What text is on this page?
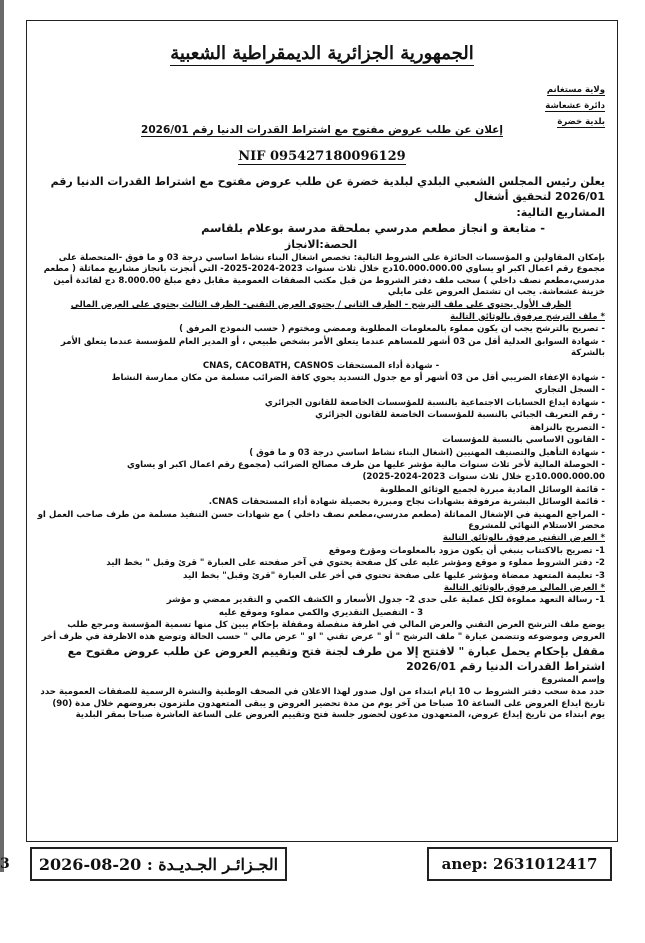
3
الجمهورية الجزائرية الديمقراطية الشعبية
ولاية مستغانم
دائرة عشعاشة
بلدية خضرة
إعلان عن طلب عروض مفتوح مع اشتراط القدرات الدنيا رقم 2026/01
NIF 095427180096129

يعلن رئيس المجلس الشعبي البلدي لبلدية خضرة عن طلب عروض مفتوح مع اشتراط القدرات الدنيا رقم 2026/01 لتحقيق أشغال

المشاريع التالية:

- متابعة و انجاز مطعم مدرسي بملحقة مدرسة بوعلام بلقاسم

الحصة:الانجاز

بإمكان المقاولين و المؤسسات الحائزة على الشروط التالية: تخصص اشغال البناء نشاط اساسي درجة 03 و ما فوق -المتحصلة على مجموع رقم اعمال اكبر او يساوي 10.000.000.00دج خلال ثلاث سنوات 2023-2024-2025- التي أنجزت بانجاز مشاريع مماثلة ( مطعم مدرسي،مطعم نصف داخلي ) سحب ملف دفتر الشروط من قبل مكتب الصفقات العمومية مقابل دفع مبلغ 8.000.00 دج لفائدة أمين خزينة عشعاشة. يجب ان تشتمل العروض على مايلي

الظرف الأول يحتوي على ملف الترشح - الظرف الثاني / يحتوي العرض التقني- الظرف الثالث يحتوي على العرض المالي

* ملف الترشح مرفوق بالوثائق التالية

- تصريح بالترشح يجب ان يكون مملوء بالمعلومات المطلوبة وممضي ومختوم ( حسب النموذج المرفق )

- شهادة السوابق العدلية أقل من 03 أشهر للمساهم عندما يتعلق الأمر بشخص طبيعي ، أو المدير العام للمؤسسة عندما يتعلق الأمر بالشركة

- شهادة أداء المستحقات CNAS, CACOBATH, CASNOS

- شهادة الإعفاء الضريبي أقل من 03 أشهر أو مع جدول التسديد يحوي كافة الضرائب مسلمة من مكان ممارسة النشاط

- السجل التجاري

- شهادة ايداع الحسابات الاجتماعية بالنسبة للمؤسسات الخاضعة للقانون الجزائري

- رقم التعريف الجبائي بالنسبة للمؤسسات الخاضعة للقانون الجزائري

- التصريح بالنزاهة

- القانون الاساسي بالنسبة للمؤسسات

- شهادة التأهيل والتصنيف المهنيين (اشغال البناء نشاط اساسي درجة 03 و ما فوق )

- الحوصلة المالية لأخر ثلاث سنوات مالية مؤشر عليها من طرف مصالح الضرائب (مجموع رقم اعمال اكبر او يساوي

10.000.000.00دج خلال ثلاث سنوات 2023-2024-2025)

- قائمة الوسائل المادية مبررة لجميع الوثائق المطلوبة

- قائمة الوسائل البشرية مرفوقة بشهادات نجاح ومبررة بحصيلة شهادة أداء المستحقات CNAS.

- المراجع المهنية في الإشغال المماثلة (مطعم مدرسي،مطعم نصف داخلي ) مع شهادات حسن التنفيذ مسلمة من طرف صاحب العمل او محضر الاستلام النهائي للمشروع

* العرض التقني مرفوق بالوثائق التالية

1- تصريح بالاكتتاب ينبغي أن يكون مزود بالمعلومات ومؤرخ وموقع

2- دفتر الشروط مملوء و موقع ومؤشر عليه على كل صفحة يحتوي في آخر صفحته على العبارة " قرئ وقبل " بخط اليد

3- تعليمة المتعهد ممضاة ومؤشر عليها على صفحة تحتوي في أخر على العبارة "قرئ وقبل" بخط اليد

* العرض المالي مرفوق بالوثائق التالية

1- رسالة التعهد مملوءة لكل عملية على حدى 2- جدول الأسعار و الكشف الكمي و التقدير ممضي و مؤشر

3 - التفصيل التقديري والكمي مملوء وموقع عليه

يوضع ملف الترشح العرض التقني والعرض المالي في اظرفة منفصلة ومقفلة بإحكام يبين كل منها تسمية المؤسسة ومرجع طلب العروض وموضوعه وتتضمن عبارة " ملف الترشح " أو " عرض تقني " او " عرض مالي " حسب الحالة وتوضع هذه الاظرفة في ظرف أخر

مقفل بإحكام يحمل عبارة " لافتتح إلا من طرف لجنة فتح وتقييم العروض عن طلب عروض مفتوح مع اشتراط القدرات الدنيا رقم 2026/01

وإسم المشروع

حدد مدة سحب دفتر الشروط ب 10 ايام ابتداء من اول صدور لهذا الاعلان في الصحف الوطنية والنشرة الرسمية للصفقات العمومية حدد تاريخ ايداع العروض على الساعة 10 صباحا من آخر يوم من مدة تحضير العروض و يبقى المتعهدون ملتزمون بعروضهم خلال مدة (90) يوم ابتداء من تاريخ إيداع عروض، المتعهدون مدعون لحضور جلسة فتح وتقييم العروض على الساعة العاشرة صباحا بمقر البلدية

الجـزائـر الجـديـدة : 20-08-2026	anep: 2631012417
